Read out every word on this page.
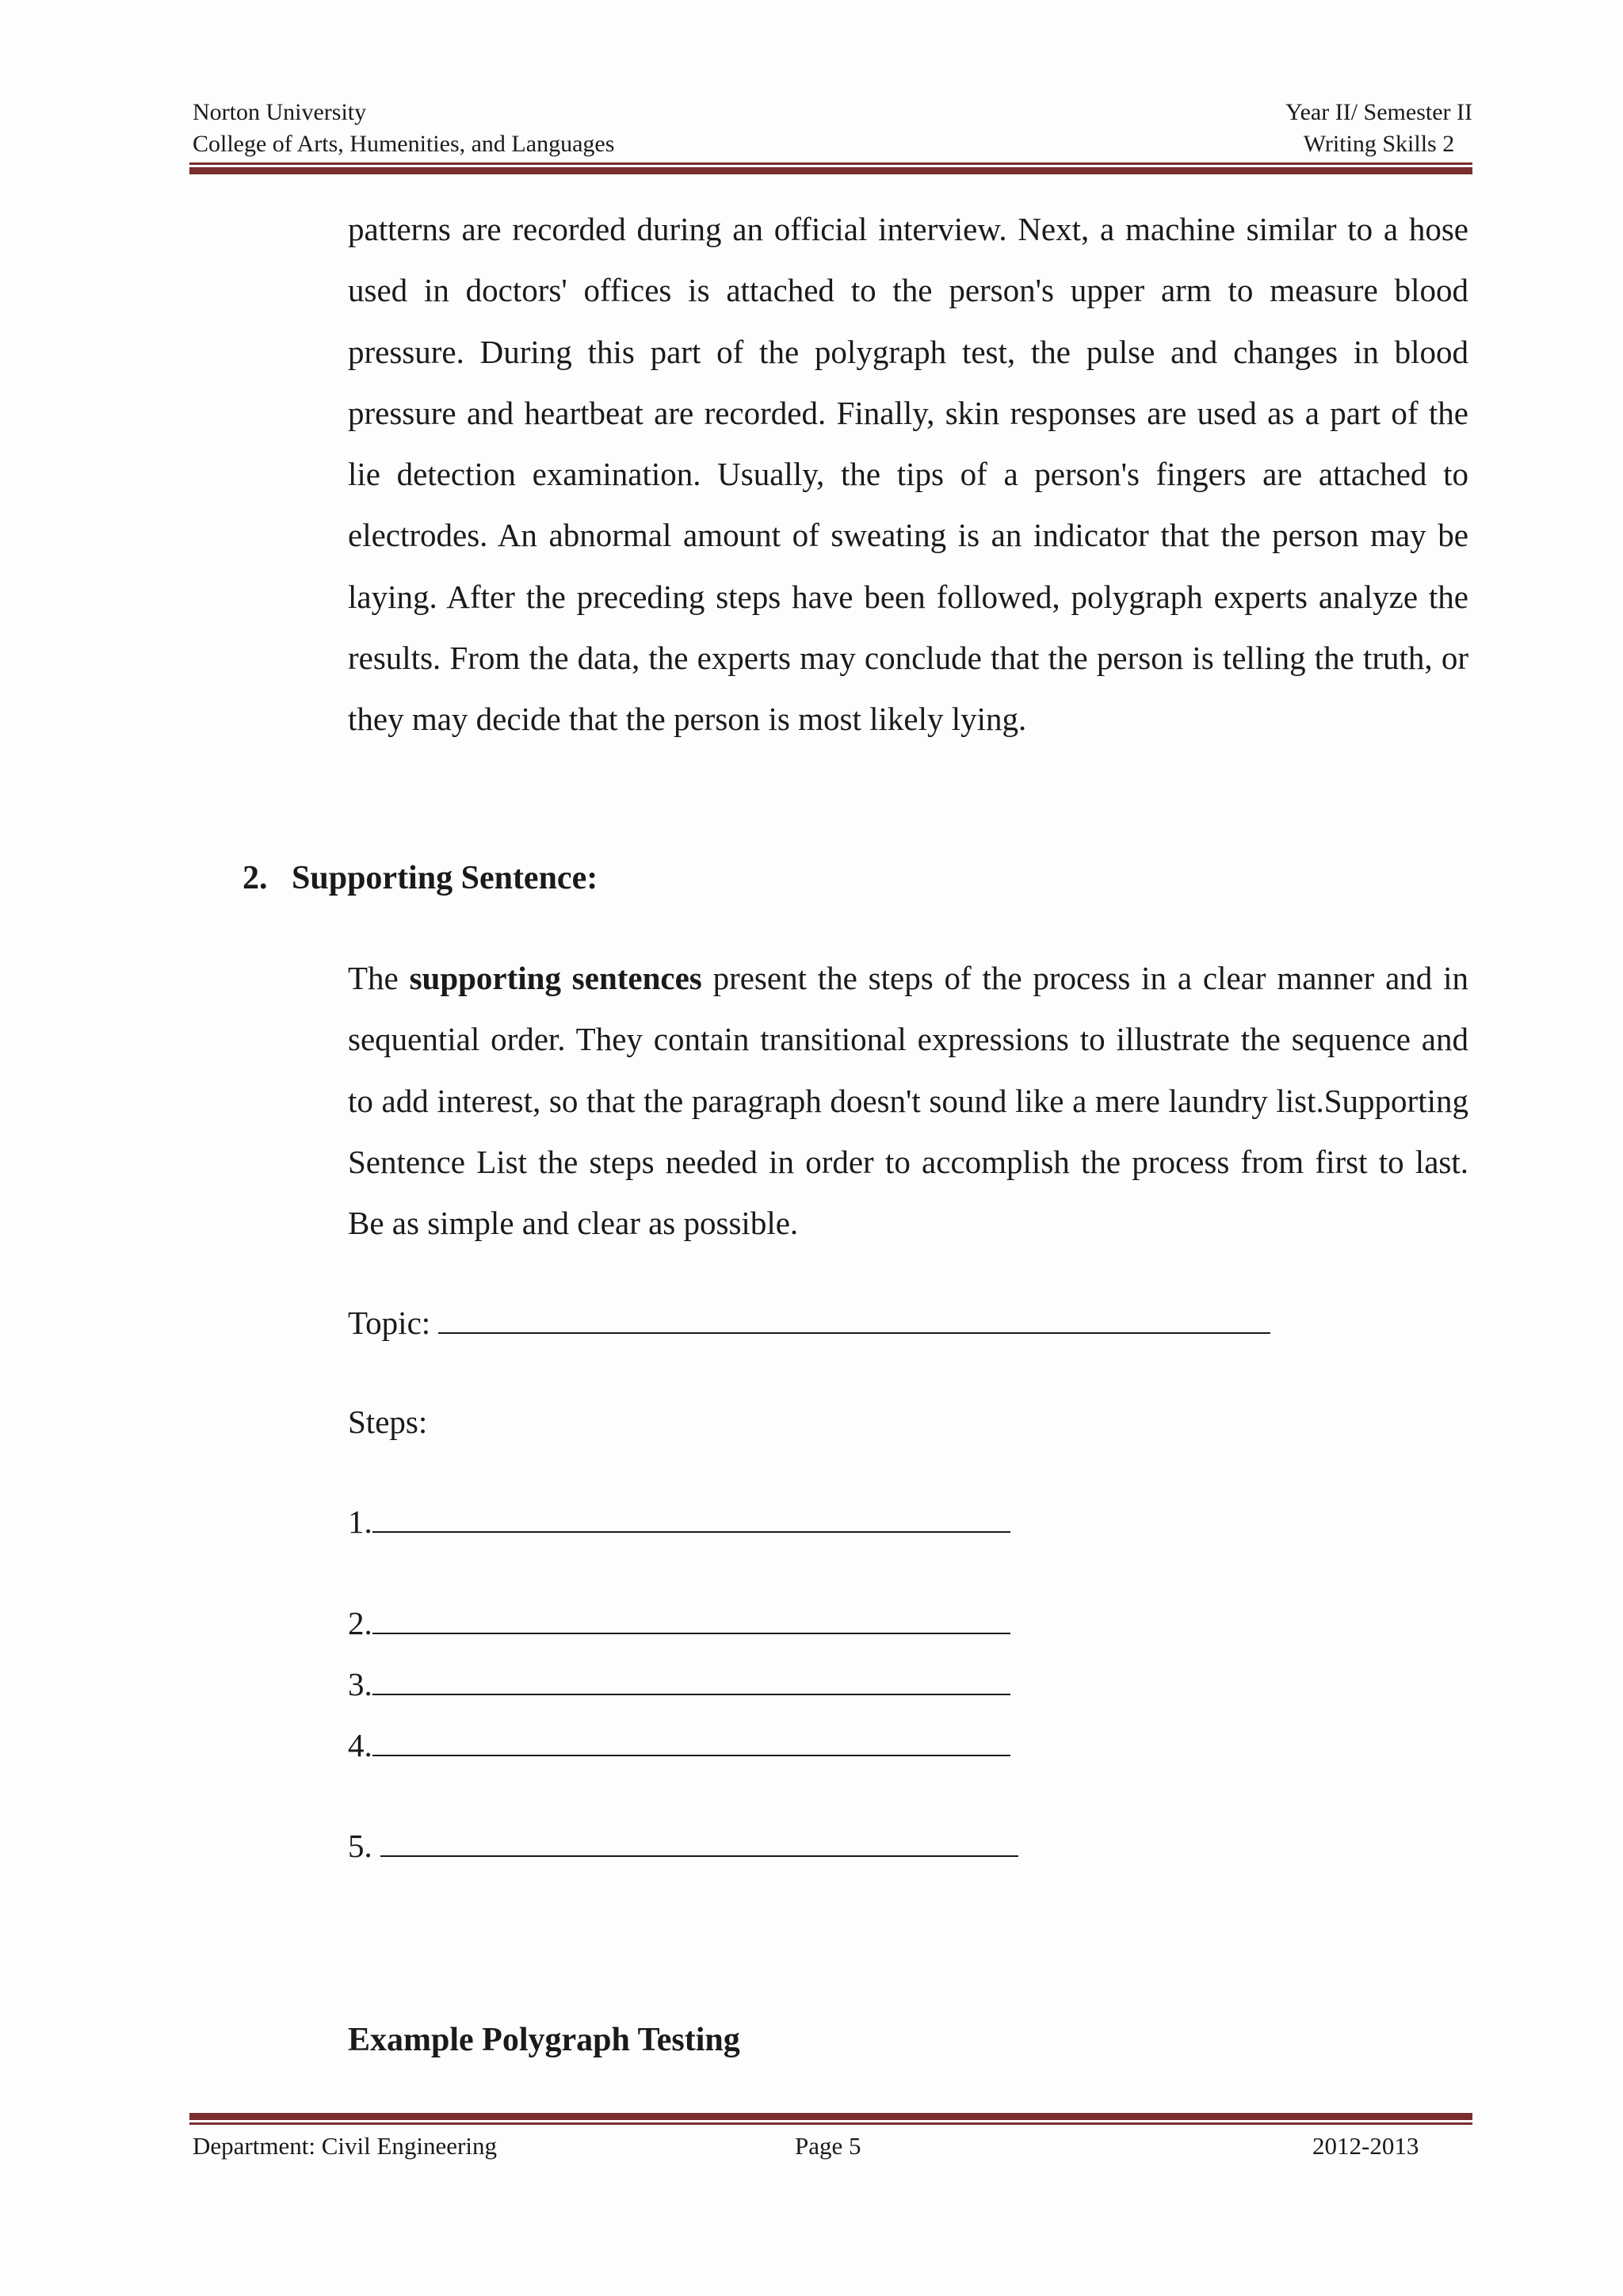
Norton University
College of Arts, Humenities, and Languages
Year II/ Semester II
Writing Skills 2
patterns are recorded during an official interview. Next, a machine similar to a hose used in doctors' offices is attached to the person's upper arm to measure blood pressure. During this part of the polygraph test, the pulse and changes in blood pressure and heartbeat are recorded. Finally, skin responses are used as a part of the lie detection examination. Usually, the tips of a person's fingers are attached to electrodes. An abnormal amount of sweating is an indicator that the person may be laying. After the preceding steps have been followed, polygraph experts analyze the results. From the data, the experts may conclude that the person is telling the truth, or they may decide that the person is most likely lying.
2. Supporting Sentence:
The supporting sentences present the steps of the process in a clear manner and in sequential order. They contain transitional expressions to illustrate the sequence and to add interest, so that the paragraph doesn't sound like a mere laundry list.Supporting Sentence List the steps needed in order to accomplish the process from first to last. Be as simple and clear as possible.
Topic:
Steps:
1.
2.
3.
4.
5.
Example Polygraph Testing
Department: Civil Engineering	Page 5	2012-2013
